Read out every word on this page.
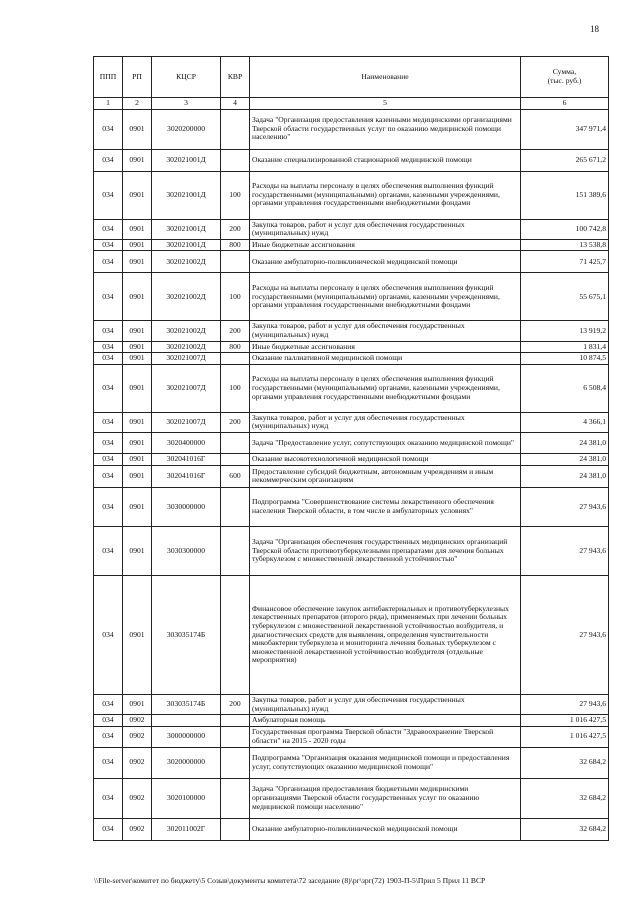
18
ППП	РП	КЦСР	КВР	Наименование	Сумма,
(тыс. руб.)

1	2	3	4	5	6
034	0901	3020200000		Задача "Организация предоставления казенными медицинскими организациями Тверской области государственных услуг по оказанию медицинской помощи населению"	347 971,4
034	0901	302021001Д		Оказание специализированной стационарной медицинской помощи	265 671,2
034	0901	302021001Д	100	Расходы на выплаты персоналу в целях обеспечения выполнения функций государственными (муниципальными) органами, казенными учреждениями, органами управления государственными внебюджетными фондами	151 389,6
034	0901	302021001Д	200	Закупка товаров, работ и услуг для обеспечения государственных (муниципальных) нужд	100 742,8
034	0901	302021001Д	800	Иные бюджетные ассигнования	13 538,8
034	0901	302021002Д		Оказание амбулаторно-поликлинической медицинской помощи	71 425,7
034	0901	302021002Д	100	Расходы на выплаты персоналу в целях обеспечения выполнения функций государственными (муниципальными) органами, казенными учреждениями, органами управления государственными внебюджетными фондами	55 675,1
034	0901	302021002Д	200	Закупка товаров, работ и услуг для обеспечения государственных (муниципальных) нужд	13 919,2
034	0901	302021002Д	800	Иные бюджетные ассигнования	1 831,4
034	0901	302021007Д		Оказание паллиативной медицинской помощи	10 874,5
034	0901	302021007Д	100	Расходы на выплаты персоналу в целях обеспечения выполнения функций государственными (муниципальными) органами, казенными учреждениями, органами управления государственными внебюджетными фондами	6 508,4
034	0901	302021007Д	200	Закупка товаров, работ и услуг для обеспечения государственных (муниципальных) нужд	4 366,1
034	0901	3020400000		Задача "Предоставление услуг, сопутствующих оказанию медицинской помощи"	24 381,0
034	0901	302041016Г		Оказание высокотехнологичной медицинской помощи	24 381,0
034	0901	302041016Г	600	Предоставление субсидий бюджетным, автономным учреждениям и иным некоммерческим организациям	24 381,0
034	0901	3030000000		Подпрограмма "Совершенствование системы лекарственного обеспечения населения Тверской области, в том числе в амбулаторных условиях"	27 943,6
034	0901	3030300000		Задача "Организация обеспечения государственных медицинских организаций Тверской области противотуберкулезными препаратами для лечения больных туберкулезом с множественной лекарственной устойчивостью"	27 943,6
034	0901	303035174Б		Финансовое обеспечение закупок антибактериальных и противотуберкулезных лекарственных препаратов (второго ряда), применяемых при лечении больных туберкулезом с множественной лекарственной устойчивостью возбудителя, и диагностических средств для выявления, определения чувствительности микобактерии туберкулеза и мониторинга лечения больных туберкулезом с множественной лекарственной устойчивостью возбудителя (отдельные мероприятия)	27 943,6
034	0901	303035174Б	200	Закупка товаров, работ и услуг для обеспечения государственных (муниципальных) нужд	27 943,6
034	0902			Амбулаторная помощь	1 016 427,5
034	0902	3000000000		Государственная программа Тверской области "Здравоохранение Тверской области" на 2015 - 2020 годы	1 016 427,5
034	0902	3020000000		Подпрограмма "Организация оказания медицинской помощи и предоставления услуг, сопутствующих оказанию медицинской помощи"	32 684,2
034	0902	3020100000		Задача "Организация предоставления бюджетными медицинскими организациями Тверской области государственных услуг по оказанию медицинской помощи населению"	32 684,2
034	0902	302011002Г		Оказание амбулаторно-поликлинической медицинской помощи	32 684,2
\\File-server\комитет по бюджету\5 Созыв\документы комитета\72 заседание (8)\рг\зрг(72) 1903-П-5\Прил 5 Прил 11 ВСР
